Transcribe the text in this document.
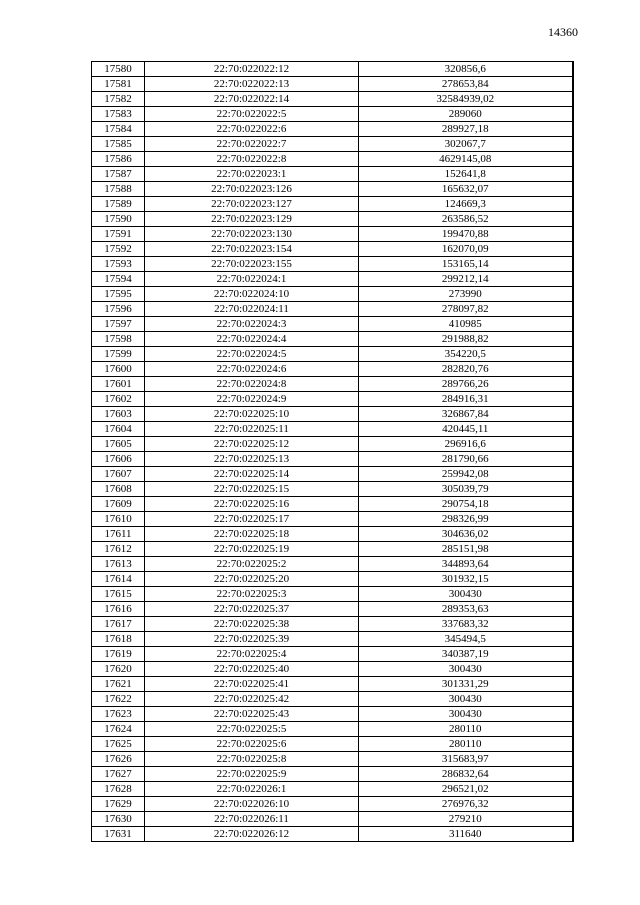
14360
17580	22:70:022022:12	320856,6
17581	22:70:022022:13	278653,84
17582	22:70:022022:14	32584939,02
17583	22:70:022022:5	289060
17584	22:70:022022:6	289927,18
17585	22:70:022022:7	302067,7
17586	22:70:022022:8	4629145,08
17587	22:70:022023:1	152641,8
17588	22:70:022023:126	165632,07
17589	22:70:022023:127	124669,3
17590	22:70:022023:129	263586,52
17591	22:70:022023:130	199470,88
17592	22:70:022023:154	162070,09
17593	22:70:022023:155	153165,14
17594	22:70:022024:1	299212,14
17595	22:70:022024:10	273990
17596	22:70:022024:11	278097,82
17597	22:70:022024:3	410985
17598	22:70:022024:4	291988,82
17599	22:70:022024:5	354220,5
17600	22:70:022024:6	282820,76
17601	22:70:022024:8	289766,26
17602	22:70:022024:9	284916,31
17603	22:70:022025:10	326867,84
17604	22:70:022025:11	420445,11
17605	22:70:022025:12	296916,6
17606	22:70:022025:13	281790,66
17607	22:70:022025:14	259942,08
17608	22:70:022025:15	305039,79
17609	22:70:022025:16	290754,18
17610	22:70:022025:17	298326,99
17611	22:70:022025:18	304636,02
17612	22:70:022025:19	285151,98
17613	22:70:022025:2	344893,64
17614	22:70:022025:20	301932,15
17615	22:70:022025:3	300430
17616	22:70:022025:37	289353,63
17617	22:70:022025:38	337683,32
17618	22:70:022025:39	345494,5
17619	22:70:022025:4	340387,19
17620	22:70:022025:40	300430
17621	22:70:022025:41	301331,29
17622	22:70:022025:42	300430
17623	22:70:022025:43	300430
17624	22:70:022025:5	280110
17625	22:70:022025:6	280110
17626	22:70:022025:8	315683,97
17627	22:70:022025:9	286832,64
17628	22:70:022026:1	296521,02
17629	22:70:022026:10	276976,32
17630	22:70:022026:11	279210
17631	22:70:022026:12	311640
